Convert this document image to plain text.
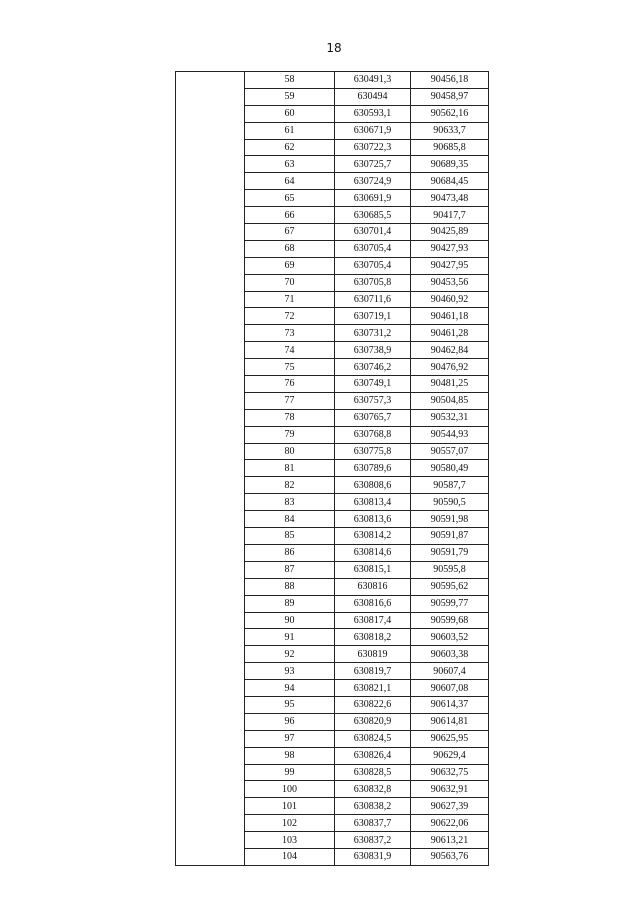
18
	58	630491,3	90456,18
	59	630494	90458,97
	60	630593,1	90562,16
	61	630671,9	90633,7
	62	630722,3	90685,8
	63	630725,7	90689,35
	64	630724,9	90684,45
	65	630691,9	90473,48
	66	630685,5	90417,7
	67	630701,4	90425,89
	68	630705,4	90427,93
	69	630705,4	90427,95
	70	630705,8	90453,56
	71	630711,6	90460,92
	72	630719,1	90461,18
	73	630731,2	90461,28
	74	630738,9	90462,84
	75	630746,2	90476,92
	76	630749,1	90481,25
	77	630757,3	90504,85
	78	630765,7	90532,31
	79	630768,8	90544,93
	80	630775,8	90557,07
	81	630789,6	90580,49
	82	630808,6	90587,7
	83	630813,4	90590,5
	84	630813,6	90591,98
	85	630814,2	90591,87
	86	630814,6	90591,79
	87	630815,1	90595,8
	88	630816	90595,62
	89	630816,6	90599,77
	90	630817,4	90599,68
	91	630818,2	90603,52
	92	630819	90603,38
	93	630819,7	90607,4
	94	630821,1	90607,08
	95	630822,6	90614,37
	96	630820,9	90614,81
	97	630824,5	90625,95
	98	630826,4	90629,4
	99	630828,5	90632,75
	100	630832,8	90632,91
	101	630838,2	90627,39
	102	630837,7	90622,06
	103	630837,2	90613,21
	104	630831,9	90563,76
